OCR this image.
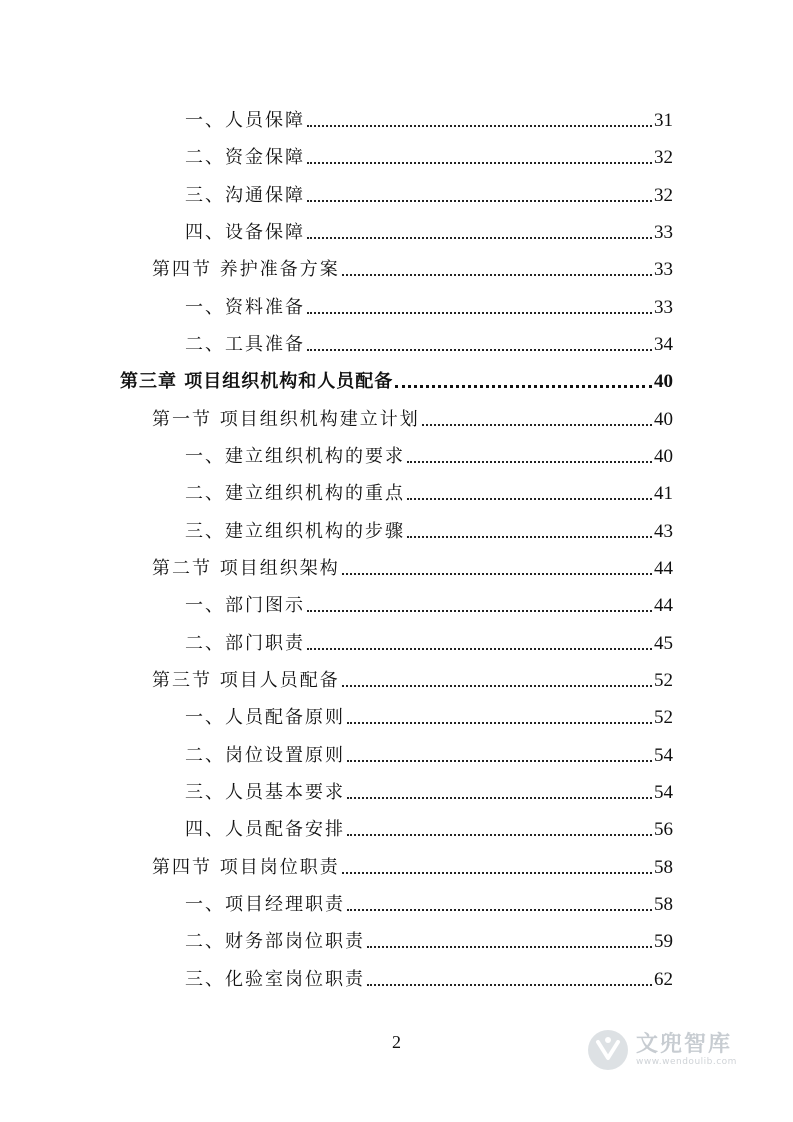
一、人员保障	31
二、资金保障	32
三、沟通保障	32
四、设备保障	33
第四节 养护准备方案	33
一、资料准备	33
二、工具准备	34
第三章 项目组织机构和人员配备	40
第一节 项目组织机构建立计划	40
一、建立组织机构的要求	40
二、建立组织机构的重点	41
三、建立组织机构的步骤	43
第二节 项目组织架构	44
一、部门图示	44
二、部门职责	45
第三节 项目人员配备	52
一、人员配备原则	52
二、岗位设置原则	54
三、人员基本要求	54
四、人员配备安排	56
第四节 项目岗位职责	58
一、项目经理职责	58
二、财务部岗位职责	59
三、化验室岗位职责	62
2	文兜智库
www.wendoulib.com
